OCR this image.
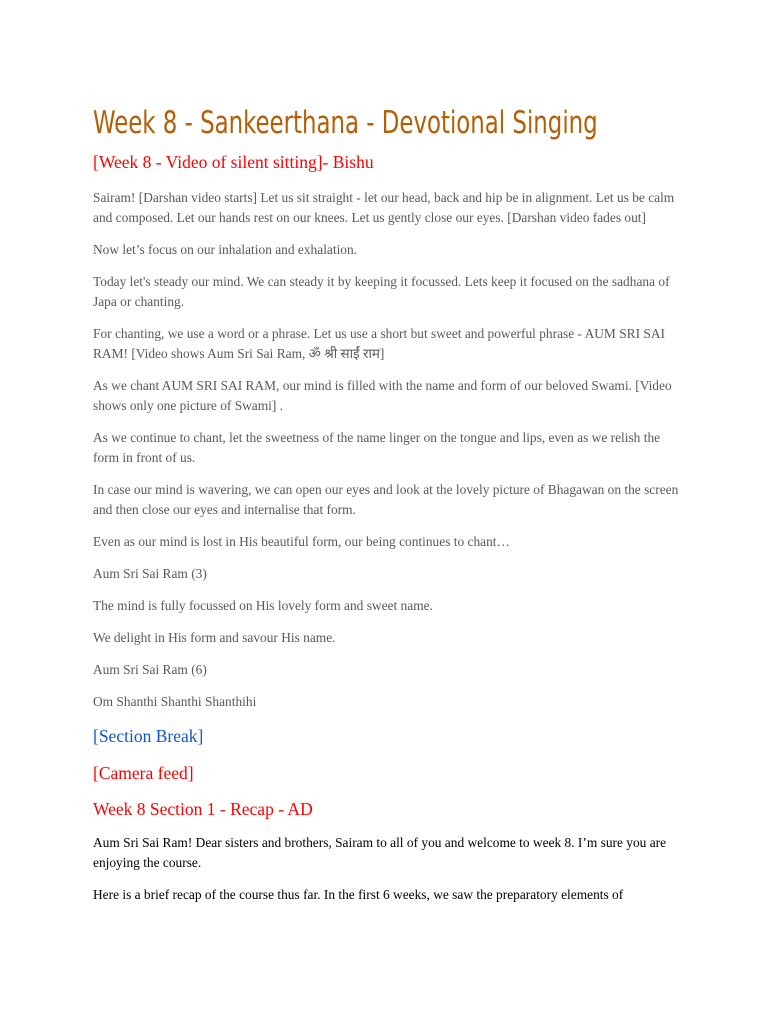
Week 8 - Sankeerthana - Devotional Singing
[Week 8 - Video of silent sitting]- Bishu

Sairam! [Darshan video starts] Let us sit straight - let our head, back and hip be in alignment. Let us be calm and composed. Let our hands rest on our knees. Let us gently close our eyes. [Darshan video fades out]

Now let’s focus on our inhalation and exhalation.

Today let's steady our mind. We can steady it by keeping it focussed. Lets keep it focused on the sadhana of Japa or chanting.

For chanting, we use a word or a phrase. Let us use a short but sweet and powerful phrase - AUM SRI SAI RAM! [Video shows Aum Sri Sai Ram, ॐ श्री साईं राम]

As we chant AUM SRI SAI RAM, our mind is filled with the name and form of our beloved Swami. [Video shows only one picture of Swami] .

As we continue to chant, let the sweetness of the name linger on the tongue and lips, even as we relish the form in front of us.

In case our mind is wavering, we can open our eyes and look at the lovely picture of Bhagawan on the screen and then close our eyes and internalise that form.

Even as our mind is lost in His beautiful form, our being continues to chant…

Aum Sri Sai Ram (3)

The mind is fully focussed on His lovely form and sweet name.

We delight in His form and savour His name.

Aum Sri Sai Ram (6)

Om Shanthi Shanthi Shanthihi

[Section Break]
[Camera feed]
Week 8 Section 1 - Recap - AD

Aum Sri Sai Ram! Dear sisters and brothers, Sairam to all of you and welcome to week 8. I’m sure you are enjoying the course.

Here is a brief recap of the course thus far. In the first 6 weeks, we saw the preparatory elements of
